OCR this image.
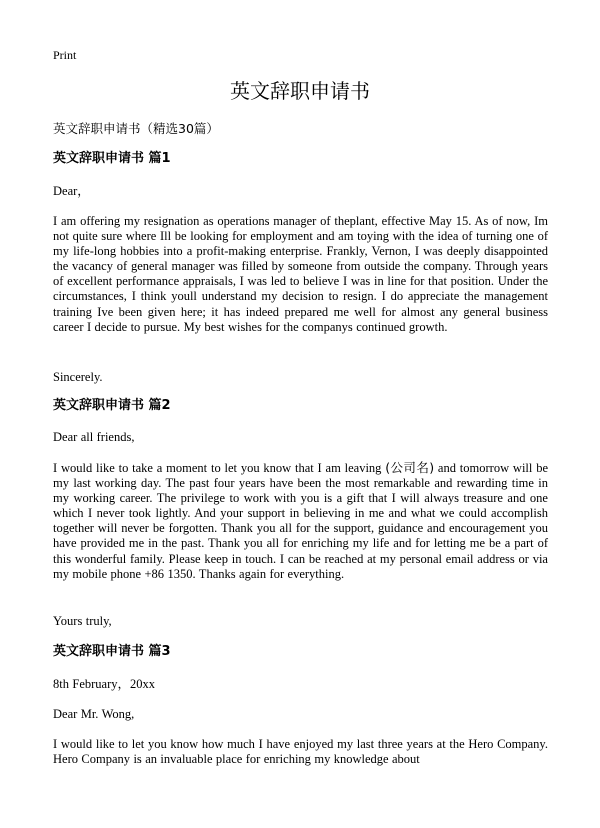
Print
英文辞职申请书
英文辞职申请书（精选30篇）
英文辞职申请书 篇1

Dear，

I am offering my resignation as operations manager of theplant, effective May 15. As of now, Im not quite sure where Ill be looking for employment and am toying with the idea of turning one of my life-long hobbies into a profit-making enterprise. Frankly, Vernon, I was deeply disappointed the vacancy of general manager was filled by someone from outside the company. Through years of excellent performance appraisals, I was led to believe I was in line for that position. Under the circumstances, I think youll understand my decision to resign. I do appreciate the management training Ive been given here; it has indeed prepared me well for almost any general business career I decide to pursue. My best wishes for the companys continued growth.

Sincerely.

英文辞职申请书 篇2

Dear all friends,

I would like to take a moment to let you know that I am leaving (公司名) and tomorrow will be my last working day. The past four years have been the most remarkable and rewarding time in my working career. The privilege to work with you is a gift that I will always treasure and one which I never took lightly. And your support in believing in me and what we could accomplish together will never be forgotten. Thank you all for the support, guidance and encouragement you have provided me in the past. Thank you all for enriching my life and for letting me be a part of this wonderful family. Please keep in touch. I can be reached at my personal email address or via my mobile phone +86 1350. Thanks again for everything.

Yours truly,

英文辞职申请书 篇3

8th February，20xx

Dear Mr. Wong,

I would like to let you know how much I have enjoyed my last three years at the Hero Company. Hero Company is an invaluable place for enriching my knowledge about
